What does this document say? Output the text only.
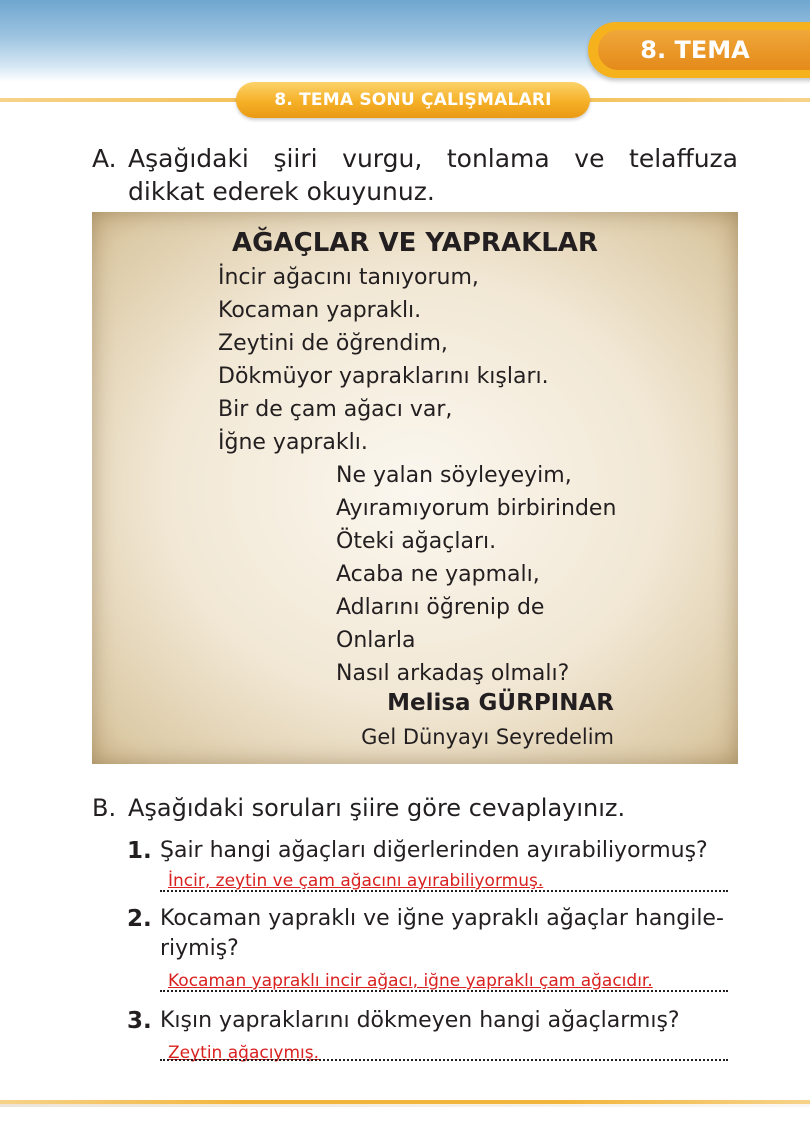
8. TEMA
8. TEMA SONU ÇALIŞMALARI
A. Aşağıdaki şiiri vurgu, tonlama ve telaffuza dikkat ederek okuyunuz.

AĞAÇLAR VE YAPRAKLAR

İncir ağacını tanıyorum,

Kocaman yapraklı.

Zeytini de öğrendim,

Dökmüyor yapraklarını kışları.

Bir de çam ağacı var,

İğne yapraklı.

Ne yalan söyleyeyim,

Ayıramıyorum birbirinden

Öteki ağaçları.

Acaba ne yapmalı,

Adlarını öğrenip de

Onlarla

Nasıl arkadaş olmalı?

Melisa GÜRPINAR

Gel Dünyayı Seyredelim

B. Aşağıdaki soruları şiire göre cevaplayınız.

1. Şair hangi ağaçları diğerlerinden ayırabiliyormuş?

İncir, zeytin ve çam ağacını ayırabiliyormuş.

2. Kocaman yapraklı ve iğne yapraklı ağaçlar hangile-riymiş?

Kocaman yapraklı incir ağacı, iğne yapraklı çam ağacıdır.

3. Kışın yapraklarını dökmeyen hangi ağaçlarmış?

Zeytin ağacıymış.
